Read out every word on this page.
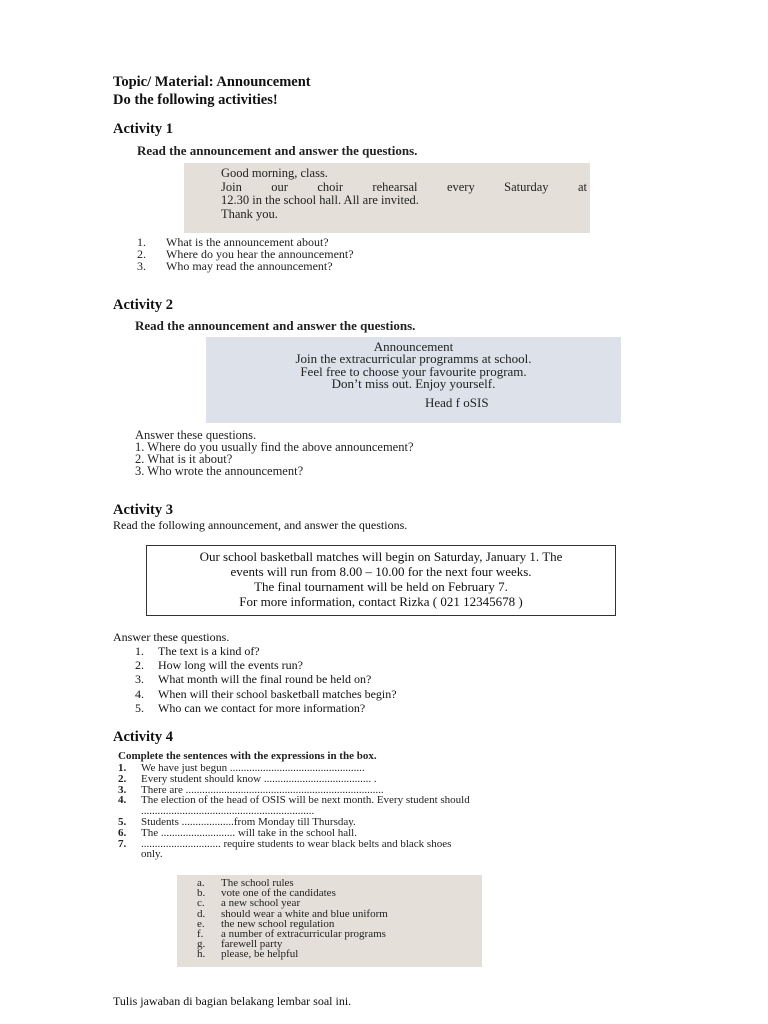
Topic/ Material: Announcement
Do the following activities!
Activity 1
Read the announcement and answer the questions.
Good morning, class.
Join our choir rehearsal every Saturday at
12.30 in the school hall. All are invited.
Thank you.
1.	What is the announcement about?
2.	Where do you hear the announcement?
3.	Who may read the announcement?
Activity 2
Read the announcement and answer the questions.
Announcement
Join the extracurricular programms at school.
Feel free to choose your favourite program.
Don’t miss out. Enjoy yourself.
Head f oSIS
Answer these questions.
1. Where do you usually find the above announcement?
2. What is it about?
3. Who wrote the announcement?
Activity 3
Read the following announcement, and answer the questions.
Our school basketball matches will begin on Saturday, January 1. The
events will run from 8.00 – 10.00 for the next four weeks.
The final tournament will be held on February 7.
For more information, contact Rizka ( 021 12345678 )
Answer these questions.
1.	The text is a kind of?
2.	How long will the events run?
3.	What month will the final round be held on?
4.	When will their school basketball matches begin?
5.	Who can we contact for more information?
Activity 4
Complete the sentences with the expressions in the box.
1.	We have just begun .................................................
2.	Every student should know ....................................... .
3.	There are ........................................................................
4.	The election of the head of OSIS will be next month. Every student should
...............................................................
5.	Students ...................from Monday till Thursday.
6.	The ........................... will take in the school hall.
7.	............................. require students to wear black belts and black shoes
only.
a.	The school rules
b.	vote one of the candidates
c.	a new school year
d.	should wear a white and blue uniform
e.	the new school regulation
f.	a number of extracurricular programs
g.	farewell party
h.	please, be helpful
Tulis jawaban di bagian belakang lembar soal ini.
